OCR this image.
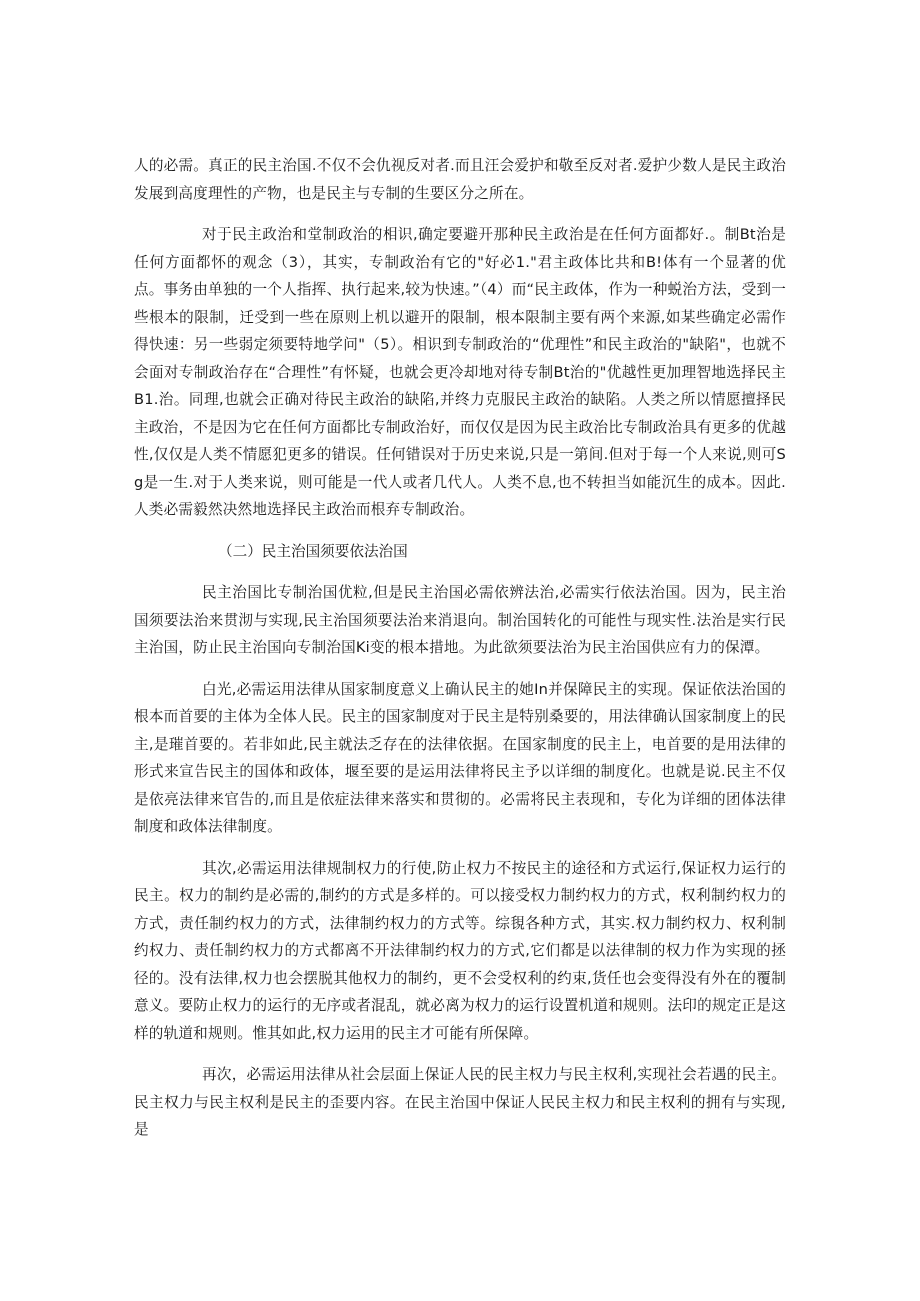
人的必需。真正的民主治国.不仅不会仇视反对者.而且汪会爱护和敬至反对者.爱护少数人是民主政治发展到高度理性的产物，也是民主与专制的生要区分之所在。

对于民主政治和堂制政治的相识,确定要避开那种民主政治是在任何方面都好.。制Bt治是任何方面都怀的观念（3），其实，专制政治有它的"好必1."君主政体比共和B!体有一个显著的优点。事务由单独的一个人指挥、执行起来,较为快速。”（4）而“民主政体，作为一种蜕治方法，受到一些根本的限制，迁受到一些在原则上机以避开的限制，根本限制主要有两个来源,如某些确定必需作得快速：另一些弱定须要特地学问"（5）。相识到专制政治的“优理性”和民主政治的"缺陷"，也就不会面对专制政治存在“合理性”有怀疑，也就会更冷却地对待专制Bt治的"优越性更加理智地选择民主B1.治。同理,也就会正确对待民主政治的缺陷,并终力克服民主政治的缺陷。人类之所以情愿擅择民主政治，不是因为它在任何方面都比专制政治好，而仅仅是因为民主政治比专制政治具有更多的优越性,仅仅是人类不情愿犯更多的错误。任何错误对于历史来说,只是一第间.但对于每一个人来说,则可Sg是一生.对于人类来说，则可能是一代人或者几代人。人类不息,也不转担当如能沉生的成本。因此.人类必需毅然决然地选择民主政治而根弃专制政治。

（二）民主治国须要依法治国

民主治国比专制治国优粒,但是民主治国必需依辨法治,必需实行依法治国。因为，民主治国须要法治来贯沏与实现,民主治国须要法治来消退向。制治国转化的可能性与现实性.法治是实行民主治国，防止民主治国向专制治国Ki变的根本措地。为此欲须要法治为民主治国供应有力的保潭。

白光,必需运用法律从国家制度意义上确认民主的她In并保障民主的实现。保证依法治国的根本而首要的主体为全体人民。民主的国家制度对于民主是特别桑要的，用法律确认国家制度上的民主,是璀首要的。若非如此,民主就法乏存在的法律依据。在国家制度的民主上，电首要的是用法律的形式来宣告民主的国体和政体，堰至要的是运用法律将民主予以详细的制度化。也就是说.民主不仅是依亮法律来官告的,而且是依症法律来落实和贯彻的。必需将民主表现和，专化为详细的团体法律制度和政体法律制度。

其次,必需运用法律规制权力的行使,防止权力不按民主的途径和方式运行,保证权力运行的民主。权力的制约是必需的,制约的方式是多样的。可以接受权力制约权力的方式，权利制约权力的方式，责任制约权力的方式，法律制约权力的方式等。综覒各种方式，其实.权力制约权力、权利制约权力、责任制约权力的方式都离不开法律制约权力的方式,它们都是以法律制的权力作为实现的拯径的。没有法律,权力也会摆脱其他权力的制约，更不会受权利的约束,货任也会变得没有外在的覆制意义。要防止权力的运行的无序或者混乱，就必离为权力的运行设置机道和规则。法印的规定正是这样的轨道和规则。惟其如此,权力运用的民主才可能有所保障。

再次，必需运用法律从社会层面上保证人民的民主权力与民主权利,实现社会若遇的民主。民主权力与民主权利是民主的歪要内容。在民主治国中保证人民民主权力和民主权利的拥有与实现,是
